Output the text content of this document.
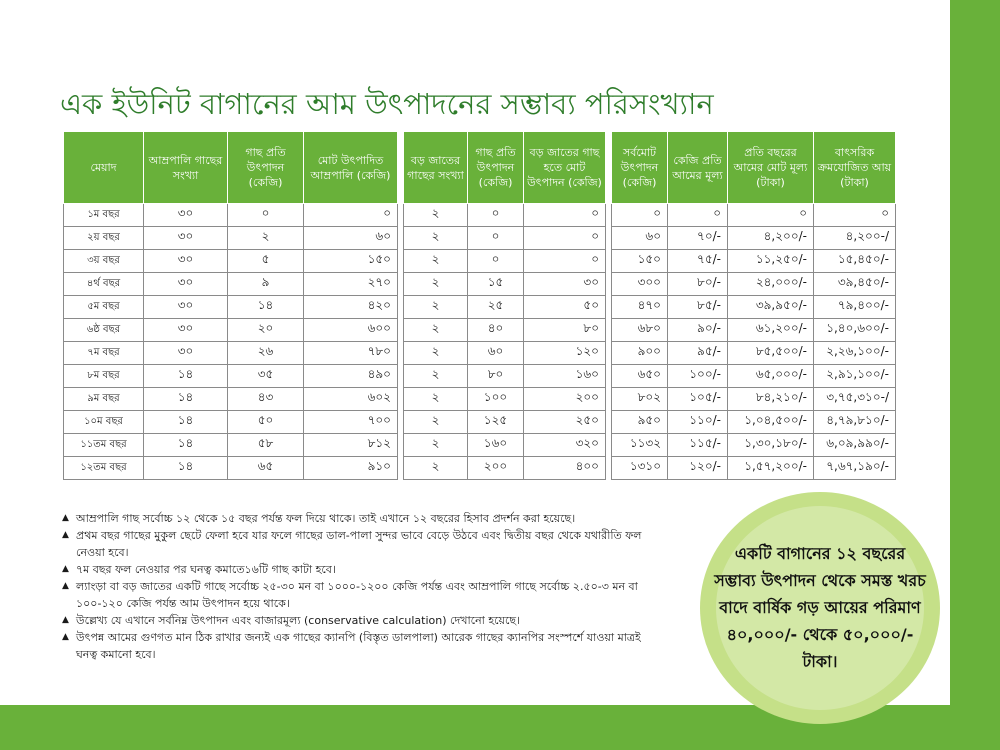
এক ইউনিট বাগানের আম উৎপাদনের সম্ভাব্য পরিসংখ্যান
মেয়াদ	আম্রপালি গাছের সংখ্যা	গাছ প্রতি উৎপাদন (কেজি)	মোট উৎপাদিত আম্রপালি (কেজি)		বড় জাতের গাছের সংখ্যা	গাছ প্রতি উৎপাদন (কেজি)	বড় জাতের গাছ হতে মোট উৎপাদন (কেজি)		সর্বমোট উৎপাদন (কেজি)	কেজি প্রতি আমের মূল্য	প্রতি বছরের আমের মোট মূল্য (টাকা)	বাৎসরিক ক্রমযোজিত আয় (টাকা)
১ম বছর	৩০	০	০		২	০	০		০	০	০	০
২য় বছর	৩০	২	৬০		২	০	০		৬০	৭০/-	৪,২০০/-	৪,২০০-/
৩য় বছর	৩০	৫	১৫০		২	০	০		১৫০	৭৫/-	১১,২৫০/-	১৫,৪৫০/-
৪র্থ বছর	৩০	৯	২৭০		২	১৫	৩০		৩০০	৮০/-	২৪,০০০/-	৩৯,৪৫০/-
৫ম বছর	৩০	১৪	৪২০		২	২৫	৫০		৪৭০	৮৫/-	৩৯,৯৫০/-	৭৯,৪০০/-
৬ষ্ঠ বছর	৩০	২০	৬০০		২	৪০	৮০		৬৮০	৯০/-	৬১,২০০/-	১,৪০,৬০০/-
৭ম বছর	৩০	২৬	৭৮০		২	৬০	১২০		৯০০	৯৫/-	৮৫,৫০০/-	২,২৬,১০০/-
৮ম বছর	১৪	৩৫	৪৯০		২	৮০	১৬০		৬৫০	১০০/-	৬৫,০০০/-	২,৯১,১০০/-
৯ম বছর	১৪	৪৩	৬০২		২	১০০	২০০		৮০২	১০৫/-	৮৪,২১০/-	৩,৭৫,৩১০-/
১০ম বছর	১৪	৫০	৭০০		২	১২৫	২৫০		৯৫০	১১০/-	১,০৪,৫০০/-	৪,৭৯,৮১০/-
১১তম বছর	১৪	৫৮	৮১২		২	১৬০	৩২০		১১৩২	১১৫/-	১,৩০,১৮০/-	৬,০৯,৯৯০/-
১২তম বছর	১৪	৬৫	৯১০		২	২০০	৪০০		১৩১০	১২০/-	১,৫৭,২০০/-	৭,৬৭,১৯০/-
▲ আম্রপালি গাছ সর্বোচ্চ ১২ থেকে ১৫ বছর পর্যন্ত ফল দিয়ে থাকে। তাই এখানে ১২ বছরের হিসাব প্রদর্শন করা হয়েছে।
▲ প্রথম বছর গাছের মুকুল ছেটে ফেলা হবে যার ফলে গাছের ডাল-পালা সুন্দর ভাবে বেড়ে উঠবে এবং দ্বিতীয় বছর থেকে যথারীতি ফল নেওয়া হবে।
▲ ৭ম বছর ফল নেওয়ার পর ঘনত্ব কমাতে১৬টি গাছ কাটা হবে।
▲ ল্যাংড়া বা বড় জাতের একটি গাছে সর্বোচ্চ ২৫-৩০ মন বা ১০০০-১২০০ কেজি পর্যন্ত এবং আম্রপালি গাছে সর্বোচ্চ ২.৫০-৩ মন বা ১০০-১২০ কেজি পর্যন্ত আম উৎপাদন হয়ে থাকে।
▲ উল্লেখ্য যে এখানে সর্বনিম্ন উৎপাদন এবং বাজারমূল্য (conservative calculation) দেখানো হয়েছে।
▲ উৎপন্ন আমের গুণগত মান ঠিক রাখার জন্যই এক গাছের ক্যানপি (বিস্তৃত ডালপালা) আরেক গাছের ক্যানপির সংস্পর্শে যাওয়া মাত্রই ঘনত্ব কমানো হবে।
একটি বাগানের ১২ বছরের সম্ভাব্য উৎপাদন থেকে সমস্ত খরচ বাদে বার্ষিক গড় আয়ের পরিমাণ ৪০,০০০/- থেকে ৫০,০০০/- টাকা।
